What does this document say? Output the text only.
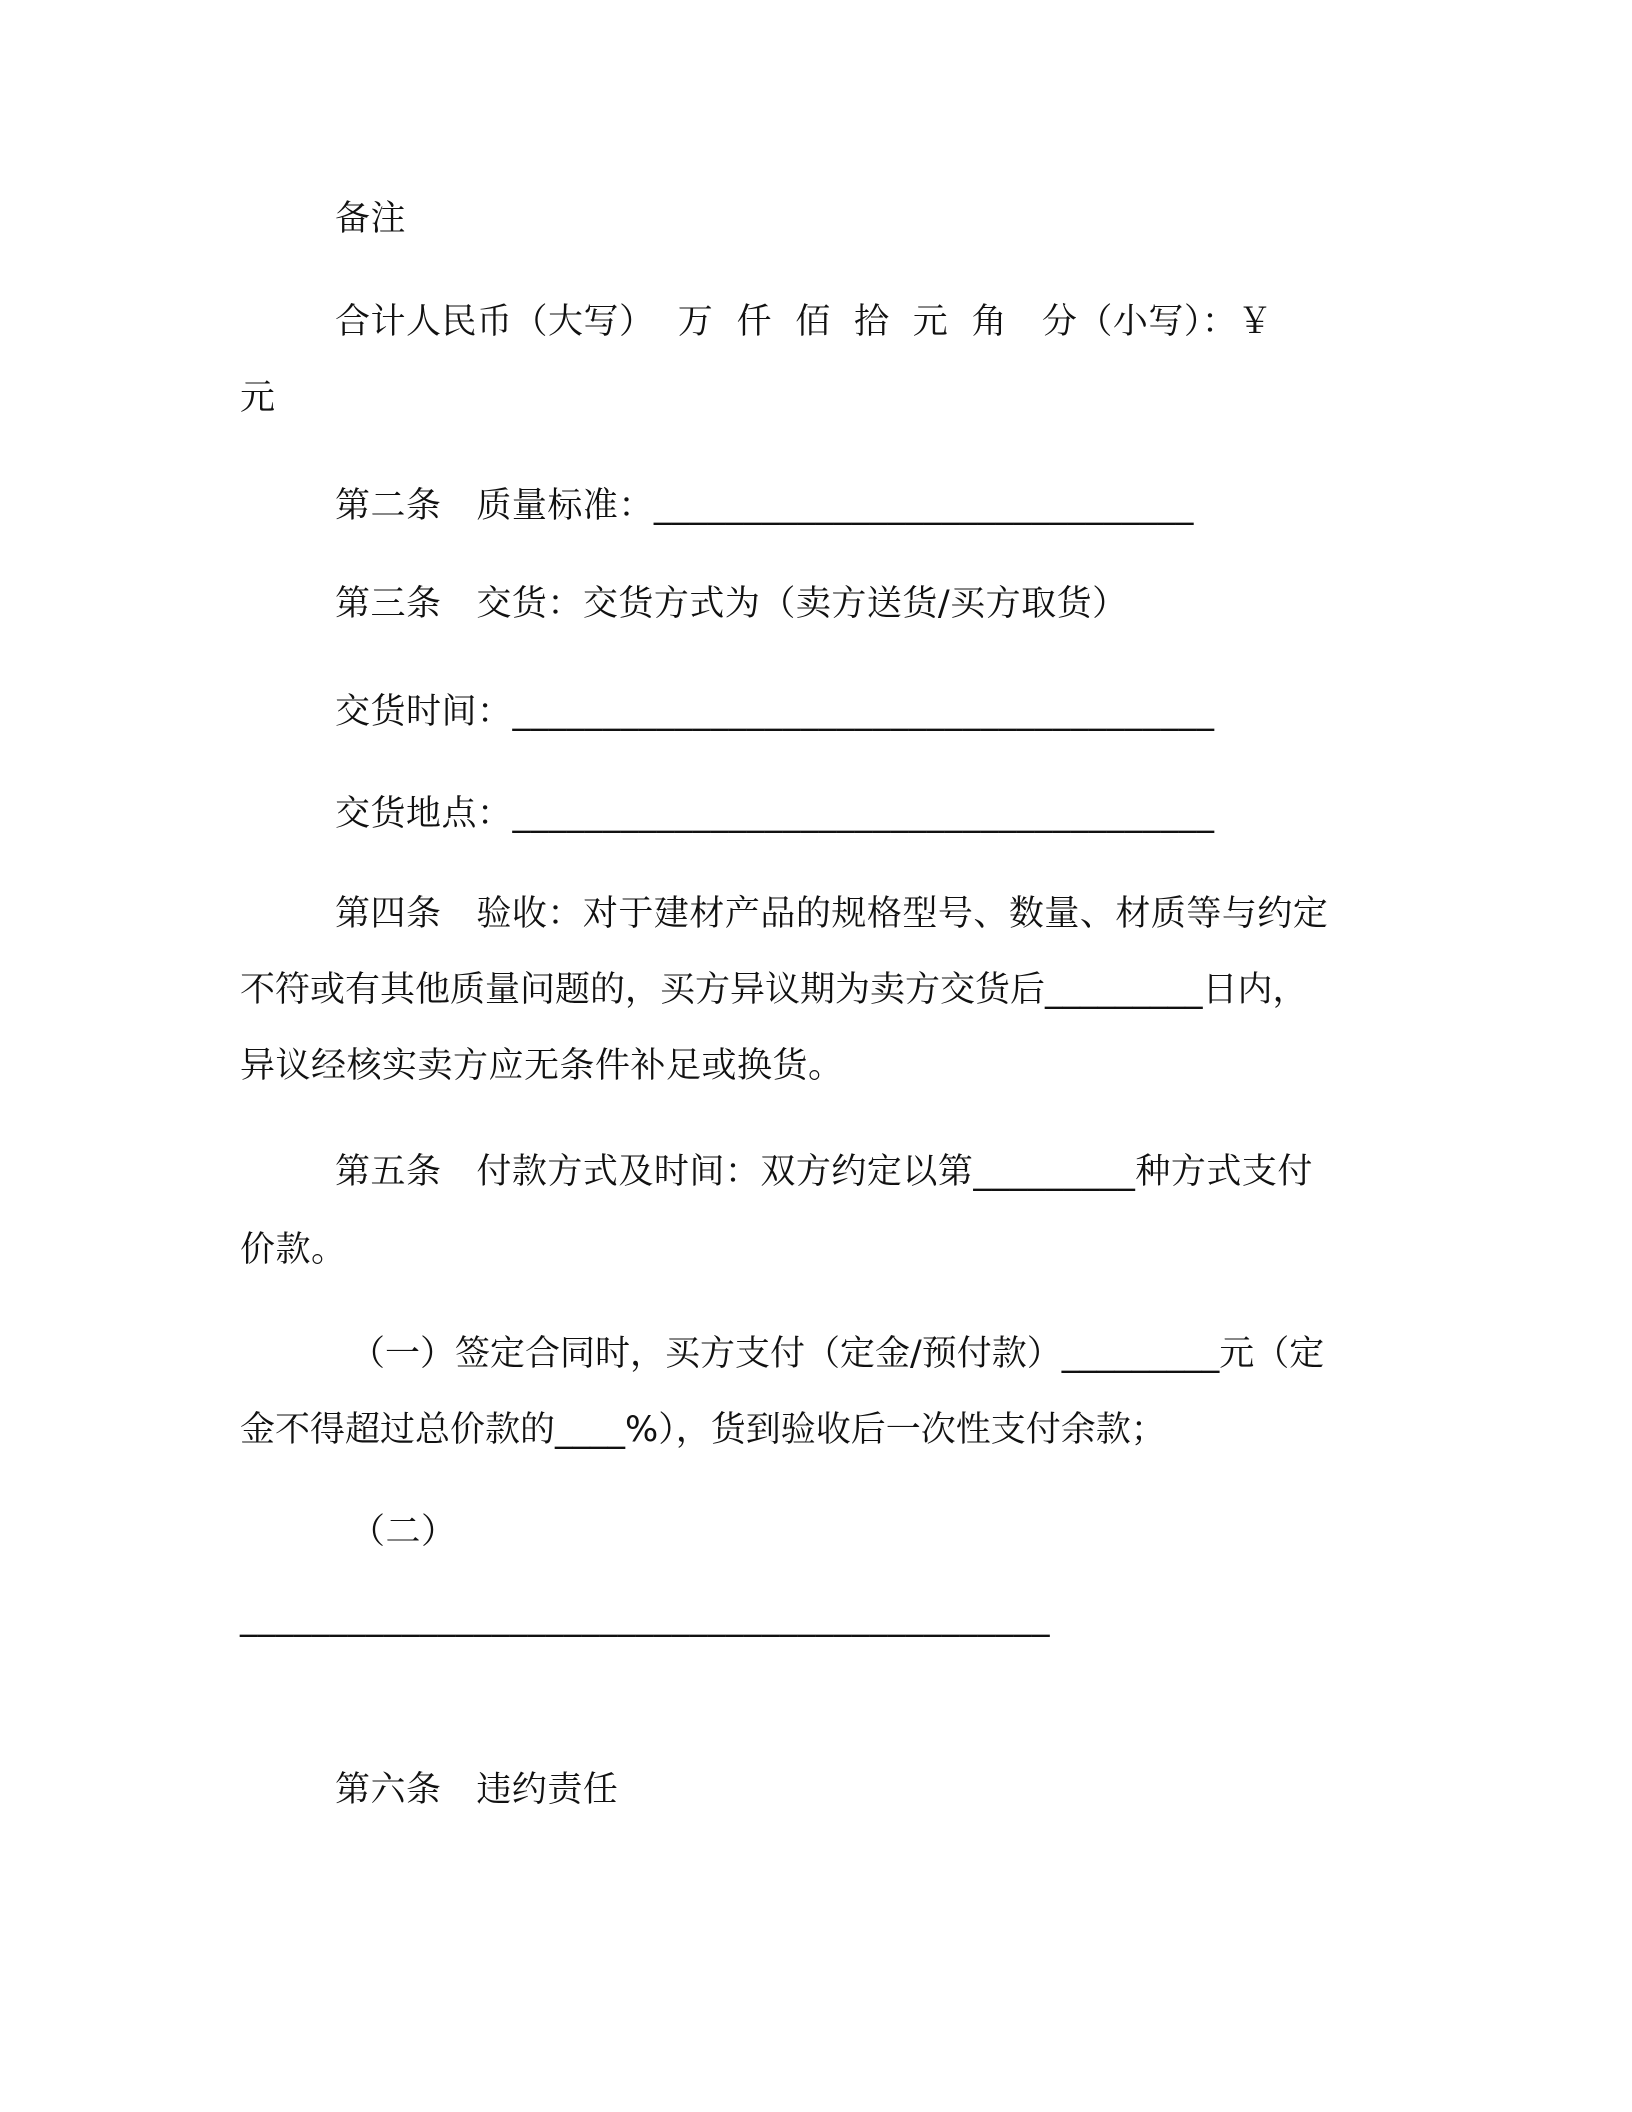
备注
合计人民币（大写）  万  仟  佰  拾  元  角   分（小写）：￥
元
第二条   质量标准：______________________________
第三条   交货：交货方式为（卖方送货/买方取货）
交货时间：_______________________________________
交货地点：_______________________________________
第四条   验收：对于建材产品的规格型号、数量、材质等与约定
不符或有其他质量问题的，买方异议期为卖方交货后_________日内，
异议经核实卖方应无条件补足或换货。
第五条   付款方式及时间：双方约定以第_________种方式支付
价款。
（一）签定合同时，买方支付（定金/预付款）_________元（定
金不得超过总价款的____%），货到验收后一次性支付余款；
（二）
_____________________________________________
第六条   违约责任
